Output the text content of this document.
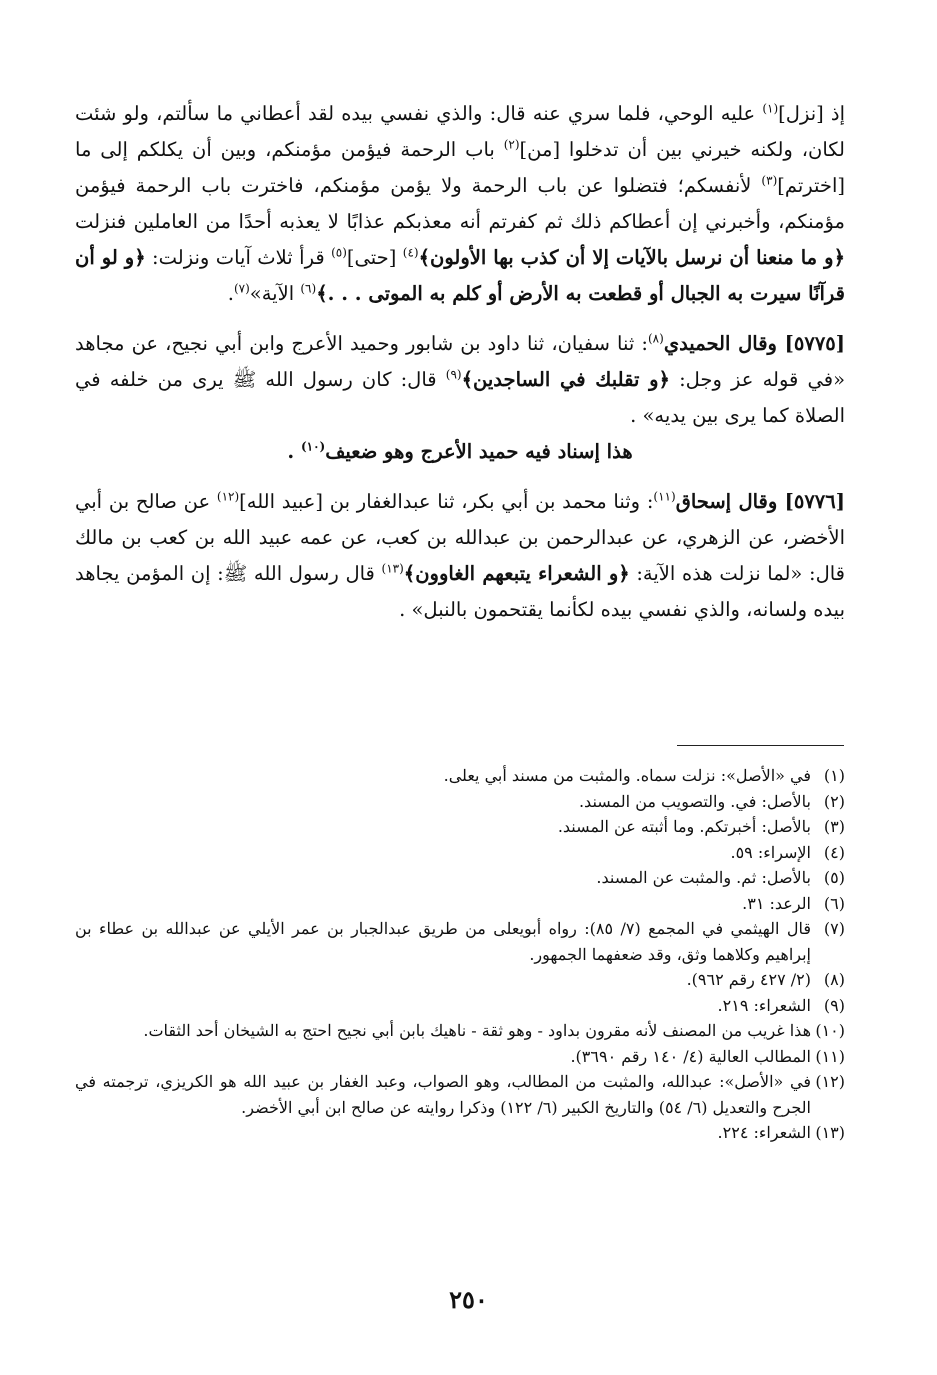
إذ [نزل]$^{(١)}$ عليه الوحي، فلما سري عنه قال: والذي نفسي بيده لقد أعطاني ما سألتم، ولو شئت لكان، ولكنه خيرني بين أن تدخلوا [من]$^{(٢)}$ باب الرحمة فيؤمن مؤمنكم، وبين أن يكلكم إلى ما [اخترتم]$^{(٣)}$ لأنفسكم؛ فتضلوا عن باب الرحمة ولا يؤمن مؤمنكم، فاخترت باب الرحمة فيؤمن مؤمنكم، وأخبرني إن أعطاكم ذلك ثم كفرتم أنه معذبكم عذابًا لا يعذبه أحدًا من العاملين فنزلت ﴿و ما منعنا أن نرسل بالآيات إلا أن كذب بها الأولون﴾$^{(٤)}$ [حتى]$^{(٥)}$ قرأ ثلاث آيات ونزلت: ﴿و لو أن قرآنًا سيرت به الجبال أو قطعت به الأرض أو كلم به الموتى . . .﴾$^{(٦)}$ الآية»$^{(٧)}$.

[٥٧٧٥] وقال الحميدي$^{(٨)}$: ثنا سفيان، ثنا داود بن شابور وحميد الأعرج وابن أبي نجيح، عن مجاهد «في قوله عز وجل: ﴿و تقلبك في الساجدين﴾$^{(٩)}$ قال: كان رسول الله ﷺ يرى من خلفه في الصلاة كما يرى بين يديه» .

هذا إسناد فيه حميد الأعرج وهو ضعيف$^{(١٠)}$ .

[٥٧٧٦] وقال إسحاق$^{(١١)}$: وثنا محمد بن أبي بكر، ثنا عبدالغفار بن [عبيد الله]$^{(١٢)}$ عن صالح بن أبي الأخضر، عن الزهري، عن عبدالرحمن بن عبدالله بن كعب، عن عمه عبيد الله بن كعب بن مالك قال: «لما نزلت هذه الآية: ﴿و الشعراء يتبعهم الغاوون﴾$^{(١٣)}$ قال رسول الله ﷺ: إن المؤمن يجاهد بيده ولسانه، والذي نفسي بيده لكأنما يقتحمون بالنبل» .

(١)
في «الأصل»: نزلت سماه. والمثبت من مسند أبي يعلى.

(٢)
بالأصل: في. والتصويب من المسند.

(٣)
بالأصل: أخبرتكم. وما أثبته عن المسند.

(٤)
الإسراء: ٥٩.

(٥)
بالأصل: ثم. والمثبت عن المسند.

(٦)
الرعد: ٣١.

(٧)
قال الهيثمي في المجمع (٧/ ٨٥): رواه أبويعلى من طريق عبدالجبار بن عمر الأيلي عن عبدالله بن عطاء بن إبراهيم وكلاهما وثق، وقد ضعفهما الجمهور.

(٨)
(٢/ ٤٢٧ رقم ٩٦٢).

(٩)
الشعراء: ٢١٩.

(١٠)
هذا غريب من المصنف لأنه مقرون بداود - وهو ثقة - ناهيك بابن أبي نجيح احتج به الشيخان أحد الثقات.

(١١)
المطالب العالية (٤/ ١٤٠ رقم ٣٦٩٠).

(١٢)
في «الأصل»: عبدالله، والمثبت من المطالب، وهو الصواب، وعبد الغفار بن عبيد الله هو الكريزي، ترجمته في الجرح والتعديل (٦/ ٥٤) والتاريخ الكبير (٦/ ١٢٢) وذكرا روايته عن صالح ابن أبي الأخضر.

(١٣)
الشعراء: ٢٢٤.

٢٥٠
